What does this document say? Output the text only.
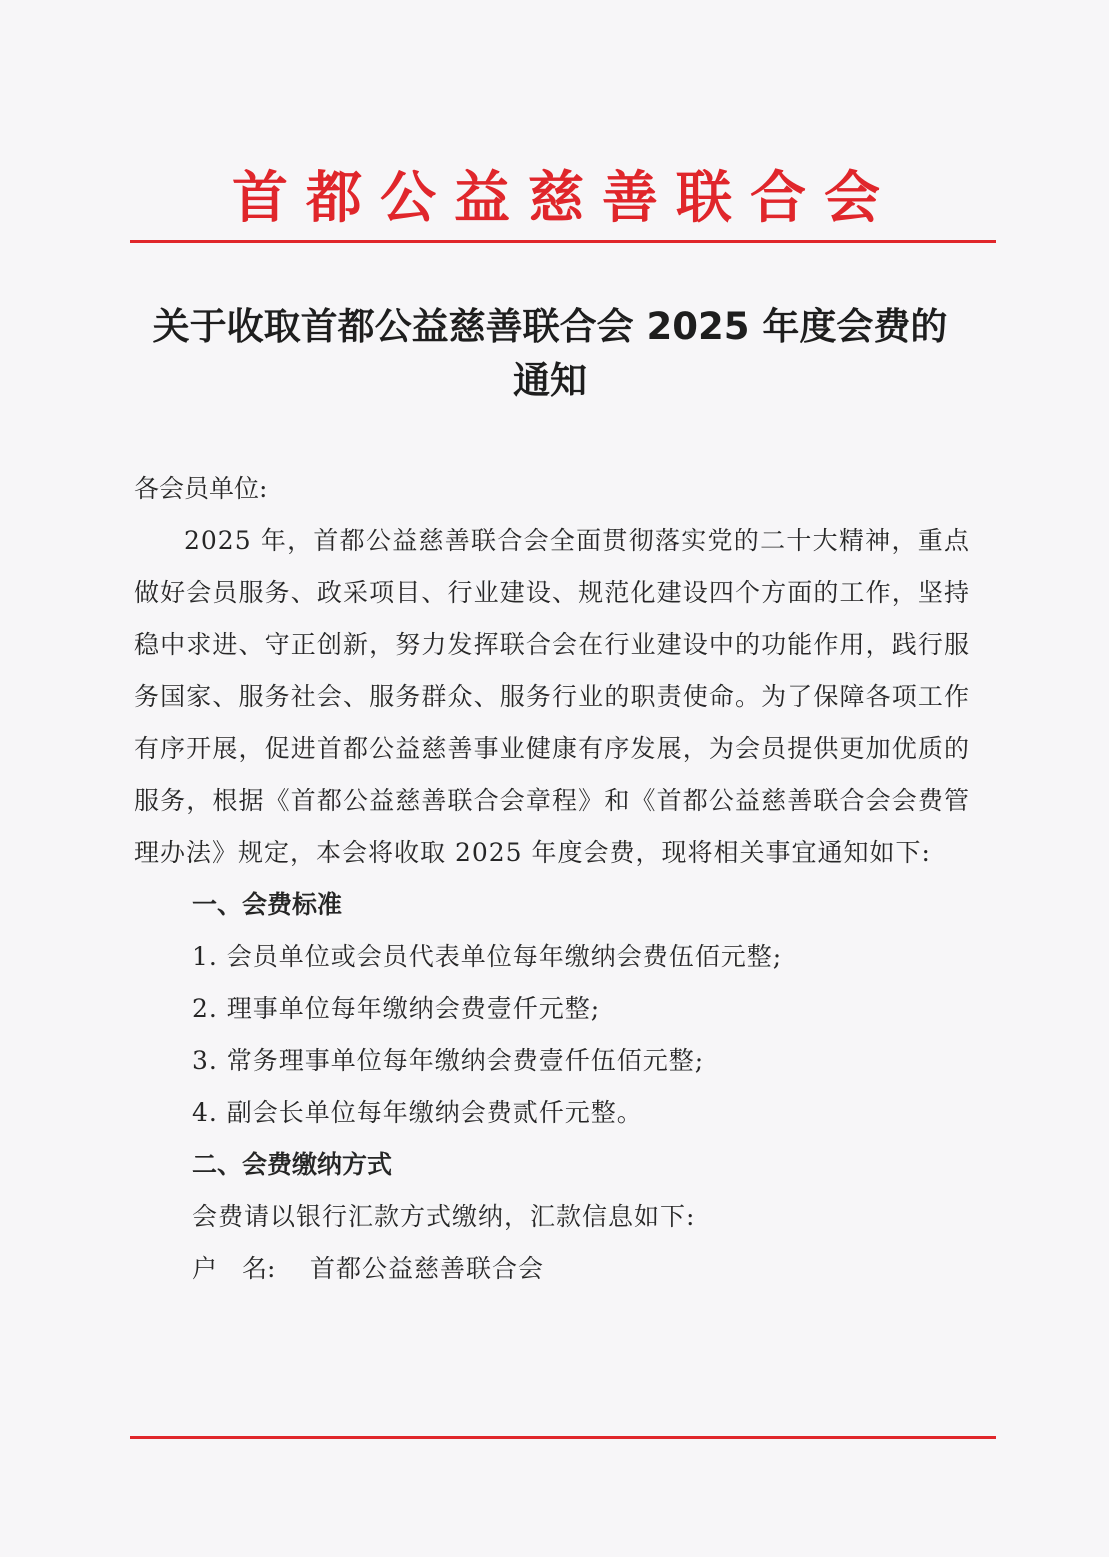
首都公益慈善联合会
关于收取首都公益慈善联合会 2025 年度会费的
通知

各会员单位:

2025 年，首都公益慈善联合会全面贯彻落实党的二十大精神，重点做好会员服务、政采项目、行业建设、规范化建设四个方面的工作，坚持稳中求进、守正创新，努力发挥联合会在行业建设中的功能作用，践行服务国家、服务社会、服务群众、服务行业的职责使命。为了保障各项工作有序开展，促进首都公益慈善事业健康有序发展，为会员提供更加优质的服务，根据《首都公益慈善联合会章程》和《首都公益慈善联合会会费管理办法》规定，本会将收取 2025 年度会费，现将相关事宜通知如下:

一、会费标准

1. 会员单位或会员代表单位每年缴纳会费伍佰元整;

2. 理事单位每年缴纳会费壹仟元整;

3. 常务理事单位每年缴纳会费壹仟伍佰元整;

4. 副会长单位每年缴纳会费贰仟元整。

二、会费缴纳方式

会费请以银行汇款方式缴纳，汇款信息如下:

户　名: 首都公益慈善联合会
